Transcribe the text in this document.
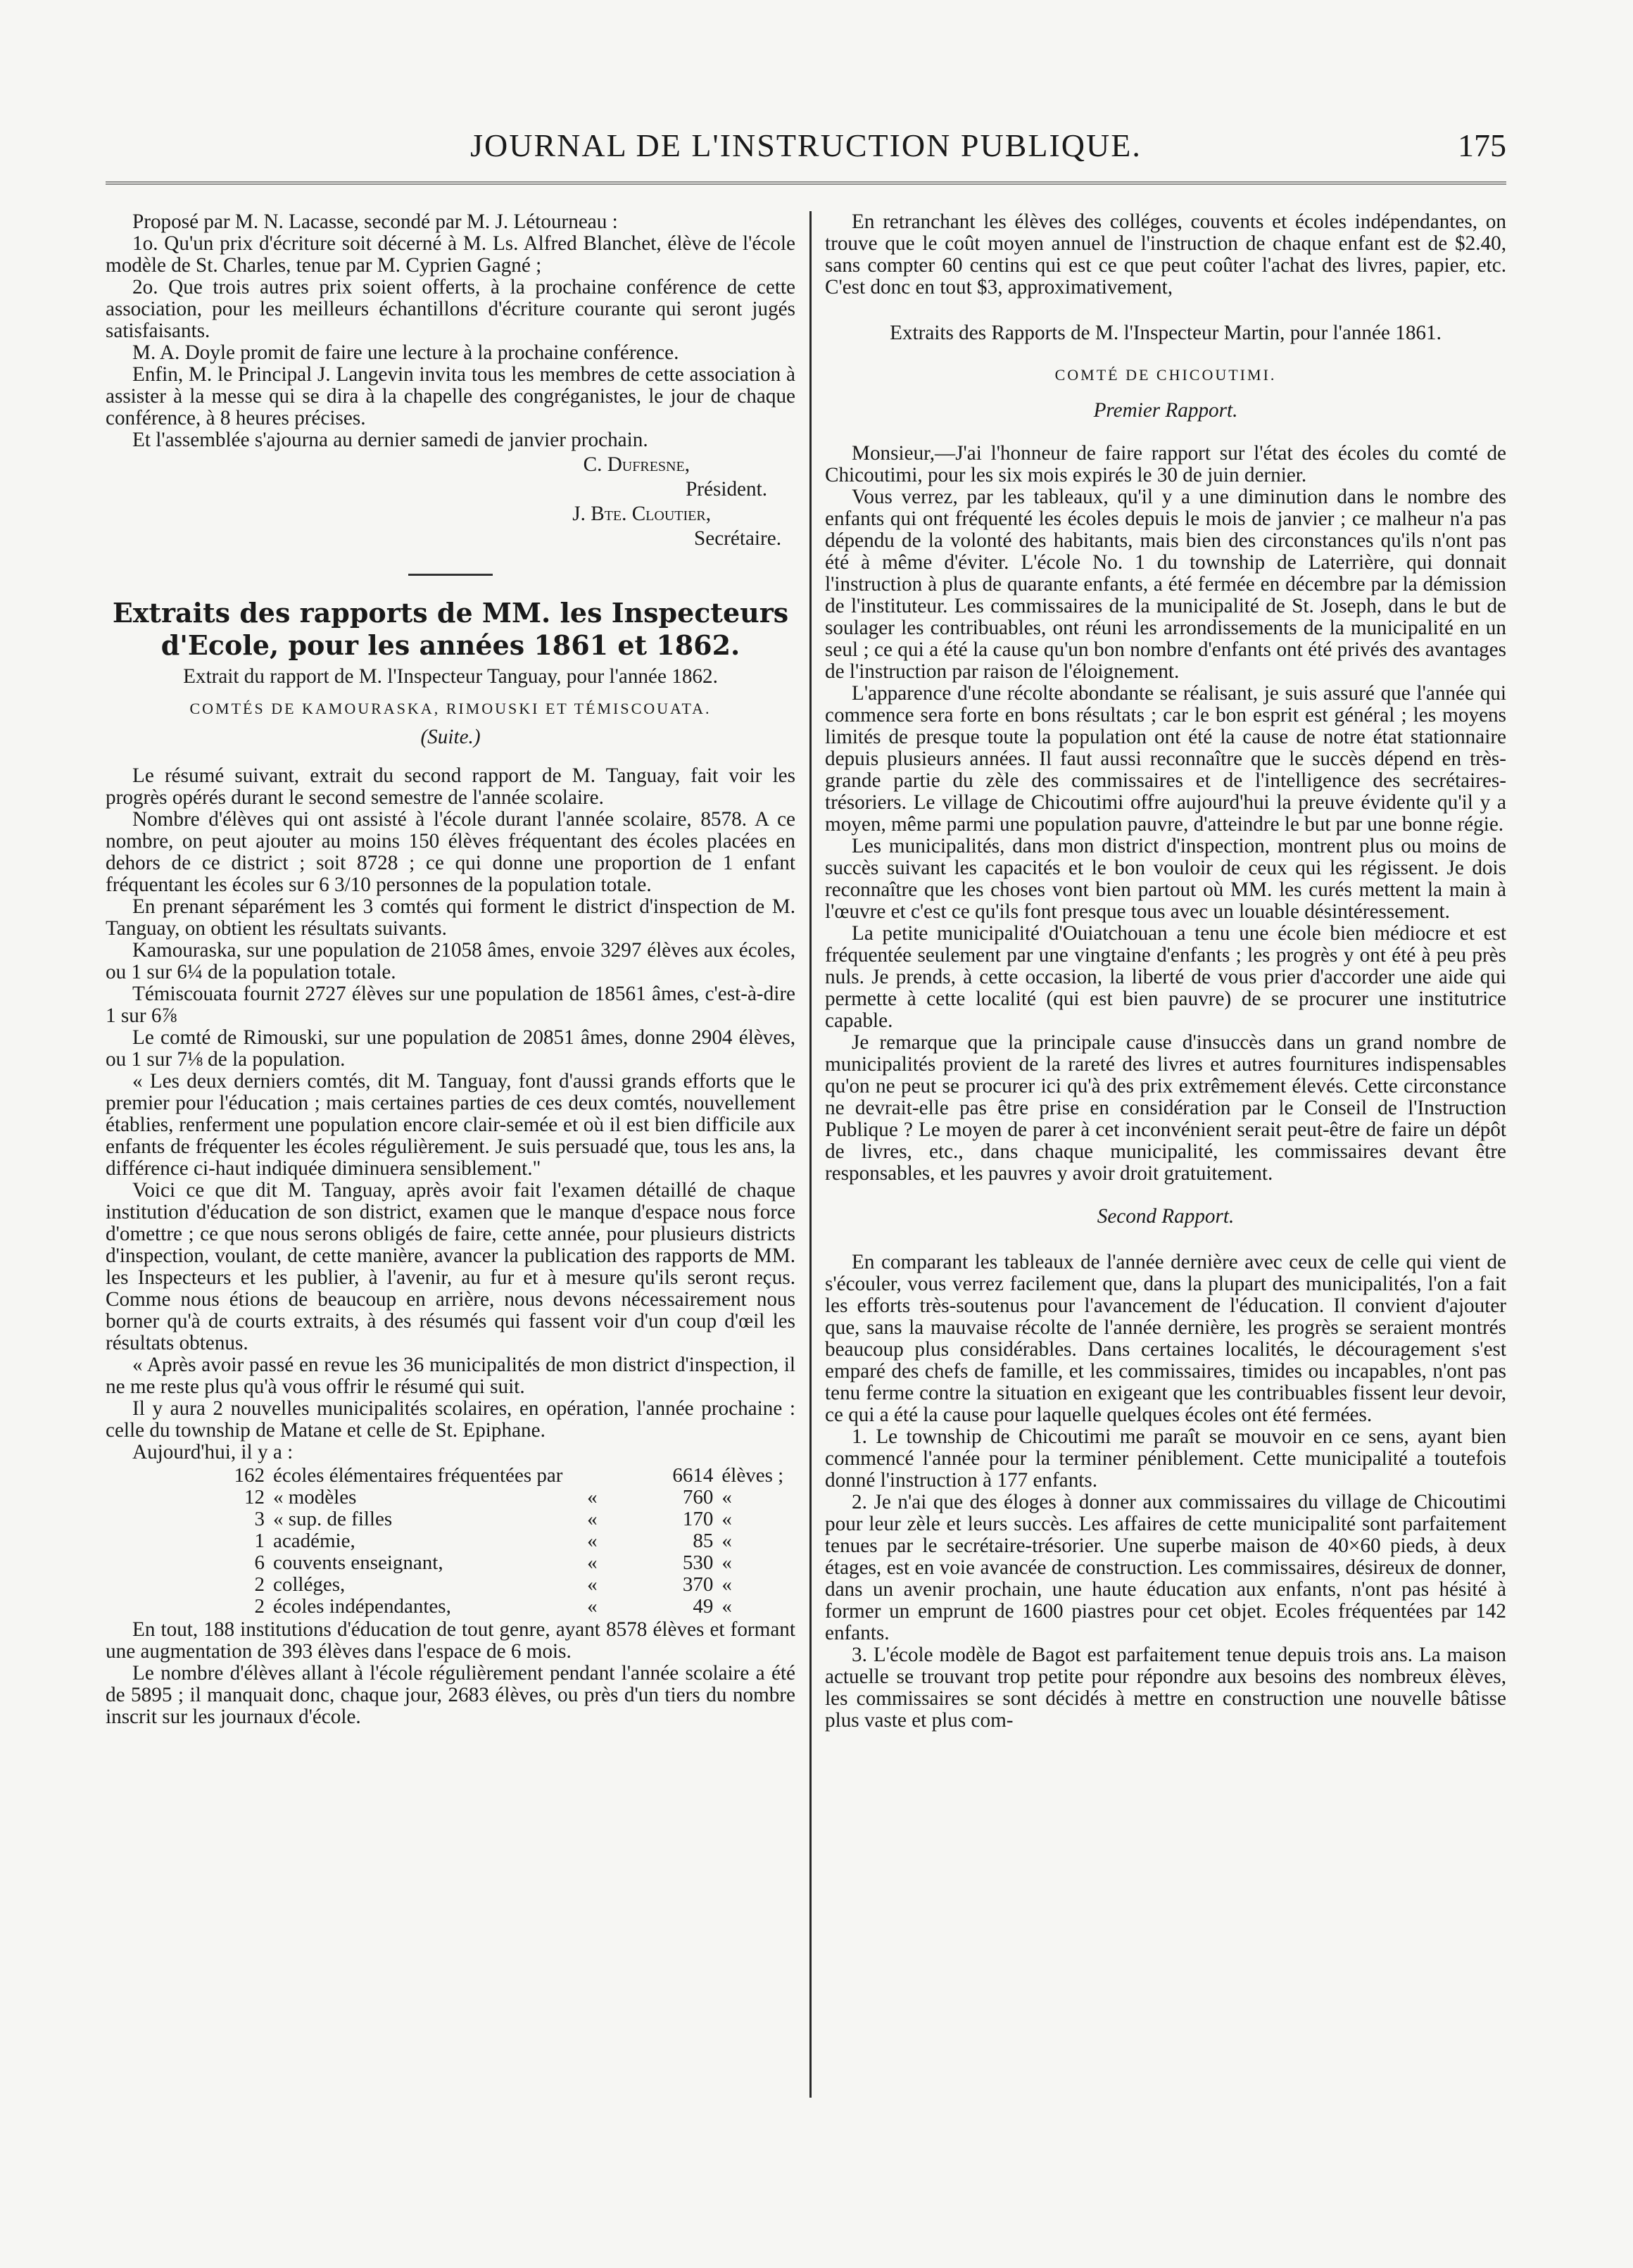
JOURNAL DE L'INSTRUCTION PUBLIQUE.	175

Proposé par M. N. Lacasse, secondé par M. J. Létourneau :

1o. Qu'un prix d'écriture soit décerné à M. Ls. Alfred Blanchet, élève de l'école modèle de St. Charles, tenue par M. Cyprien Gagné ;

2o. Que trois autres prix soient offerts, à la prochaine conférence de cette association, pour les meilleurs échantillons d'écriture courante qui seront jugés satisfaisants.

M. A. Doyle promit de faire une lecture à la prochaine conférence.

Enfin, M. le Principal J. Langevin invita tous les membres de cette association à assister à la messe qui se dira à la chapelle des congréganistes, le jour de chaque conférence, à 8 heures précises.

Et l'assemblée s'ajourna au dernier samedi de janvier prochain.

C. Dufresne,
Président.
J. Bte. Cloutier,
Secrétaire.
Extraits des rapports de MM. les Inspecteurs d'Ecole, pour les années 1861 et 1862.

Extrait du rapport de M. l'Inspecteur Tanguay, pour l'année 1862.

COMTÉS DE KAMOURASKA, RIMOUSKI ET TÉMISCOUATA.
(Suite.)

Le résumé suivant, extrait du second rapport de M. Tanguay, fait voir les progrès opérés durant le second semestre de l'année scolaire.

Nombre d'élèves qui ont assisté à l'école durant l'année scolaire, 8578. A ce nombre, on peut ajouter au moins 150 élèves fréquentant des écoles placées en dehors de ce district ; soit 8728 ; ce qui donne une proportion de 1 enfant fréquentant les écoles sur 6 3/10 personnes de la population totale.

En prenant séparément les 3 comtés qui forment le district d'inspection de M. Tanguay, on obtient les résultats suivants.

Kamouraska, sur une population de 21058 âmes, envoie 3297 élèves aux écoles, ou 1 sur 6¼ de la population totale.

Témiscouata fournit 2727 élèves sur une population de 18561 âmes, c'est-à-dire 1 sur 6⅞

Le comté de Rimouski, sur une population de 20851 âmes, donne 2904 élèves, ou 1 sur 7⅛ de la population.

« Les deux derniers comtés, dit M. Tanguay, font d'aussi grands efforts que le premier pour l'éducation ; mais certaines parties de ces deux comtés, nouvellement établies, renferment une population encore clair-semée et où il est bien difficile aux enfants de fréquenter les écoles régulièrement. Je suis persuadé que, tous les ans, la différence ci-haut indiquée diminuera sensiblement."

Voici ce que dit M. Tanguay, après avoir fait l'examen détaillé de chaque institution d'éducation de son district, examen que le manque d'espace nous force d'omettre ; ce que nous serons obligés de faire, cette année, pour plusieurs districts d'inspection, voulant, de cette manière, avancer la publication des rapports de MM. les Inspecteurs et les publier, à l'avenir, au fur et à mesure qu'ils seront reçus. Comme nous étions de beaucoup en arrière, nous devons nécessairement nous borner qu'à de courts extraits, à des résumés qui fassent voir d'un coup d'œil les résultats obtenus.

« Après avoir passé en revue les 36 municipalités de mon district d'inspection, il ne me reste plus qu'à vous offrir le résumé qui suit.

Il y aura 2 nouvelles municipalités scolaires, en opération, l'année prochaine : celle du township de Matane et celle de St. Epiphane.

Aujourd'hui, il y a :

162	écoles élémentaires fréquentées par		6614	élèves ;
12	« modèles	«	760	«
3	« sup. de filles	«	170	«
1	académie,	«	85	«
6	couvents enseignant,	«	530	«
2	colléges,	«	370	«
2	écoles indépendantes,	«	49	«

En tout, 188 institutions d'éducation de tout genre, ayant 8578 élèves et formant une augmentation de 393 élèves dans l'espace de 6 mois.

Le nombre d'élèves allant à l'école régulièrement pendant l'année scolaire a été de 5895 ; il manquait donc, chaque jour, 2683 élèves, ou près d'un tiers du nombre inscrit sur les journaux d'école.

En retranchant les élèves des colléges, couvents et écoles indépendantes, on trouve que le coût moyen annuel de l'instruction de chaque enfant est de $2.40, sans compter 60 centins qui est ce que peut coûter l'achat des livres, papier, etc. C'est donc en tout $3, approximativement,

Extraits des Rapports de M. l'Inspecteur Martin, pour l'année 1861.

COMTÉ DE CHICOUTIMI.
Premier Rapport.

Monsieur,—J'ai l'honneur de faire rapport sur l'état des écoles du comté de Chicoutimi, pour les six mois expirés le 30 de juin dernier.

Vous verrez, par les tableaux, qu'il y a une diminution dans le nombre des enfants qui ont fréquenté les écoles depuis le mois de janvier ; ce malheur n'a pas dépendu de la volonté des habitants, mais bien des circonstances qu'ils n'ont pas été à même d'éviter. L'école No. 1 du township de Laterrière, qui donnait l'instruction à plus de quarante enfants, a été fermée en décembre par la démission de l'instituteur. Les commissaires de la municipalité de St. Joseph, dans le but de soulager les contribuables, ont réuni les arrondissements de la municipalité en un seul ; ce qui a été la cause qu'un bon nombre d'enfants ont été privés des avantages de l'instruction par raison de l'éloignement.

L'apparence d'une récolte abondante se réalisant, je suis assuré que l'année qui commence sera forte en bons résultats ; car le bon esprit est général ; les moyens limités de presque toute la population ont été la cause de notre état stationnaire depuis plusieurs années. Il faut aussi reconnaître que le succès dépend en très-grande partie du zèle des commissaires et de l'intelligence des secrétaires-trésoriers. Le village de Chicoutimi offre aujourd'hui la preuve évidente qu'il y a moyen, même parmi une population pauvre, d'atteindre le but par une bonne régie.

Les municipalités, dans mon district d'inspection, montrent plus ou moins de succès suivant les capacités et le bon vouloir de ceux qui les régissent. Je dois reconnaître que les choses vont bien partout où MM. les curés mettent la main à l'œuvre et c'est ce qu'ils font presque tous avec un louable désintéressement.

La petite municipalité d'Ouiatchouan a tenu une école bien médiocre et est fréquentée seulement par une vingtaine d'enfants ; les progrès y ont été à peu près nuls. Je prends, à cette occasion, la liberté de vous prier d'accorder une aide qui permette à cette localité (qui est bien pauvre) de se procurer une institutrice capable.

Je remarque que la principale cause d'insuccès dans un grand nombre de municipalités provient de la rareté des livres et autres fournitures indispensables qu'on ne peut se procurer ici qu'à des prix extrêmement élevés. Cette circonstance ne devrait-elle pas être prise en considération par le Conseil de l'Instruction Publique ? Le moyen de parer à cet inconvénient serait peut-être de faire un dépôt de livres, etc., dans chaque municipalité, les commissaires devant être responsables, et les pauvres y avoir droit gratuitement.

Second Rapport.

En comparant les tableaux de l'année dernière avec ceux de celle qui vient de s'écouler, vous verrez facilement que, dans la plupart des municipalités, l'on a fait les efforts très-soutenus pour l'avancement de l'éducation. Il convient d'ajouter que, sans la mauvaise récolte de l'année dernière, les progrès se seraient montrés beaucoup plus considérables. Dans certaines localités, le découragement s'est emparé des chefs de famille, et les commissaires, timides ou incapables, n'ont pas tenu ferme contre la situation en exigeant que les contribuables fissent leur devoir, ce qui a été la cause pour laquelle quelques écoles ont été fermées.

1. Le township de Chicoutimi me paraît se mouvoir en ce sens, ayant bien commencé l'année pour la terminer péniblement. Cette municipalité a toutefois donné l'instruction à 177 enfants.

2. Je n'ai que des éloges à donner aux commissaires du village de Chicoutimi pour leur zèle et leurs succès. Les affaires de cette municipalité sont parfaitement tenues par le secrétaire-trésorier. Une superbe maison de 40×60 pieds, à deux étages, est en voie avancée de construction. Les commissaires, désireux de donner, dans un avenir prochain, une haute éducation aux enfants, n'ont pas hésité à former un emprunt de 1600 piastres pour cet objet. Ecoles fréquentées par 142 enfants.

3. L'école modèle de Bagot est parfaitement tenue depuis trois ans. La maison actuelle se trouvant trop petite pour répondre aux besoins des nombreux élèves, les commissaires se sont décidés à mettre en construction une nouvelle bâtisse plus vaste et plus com-
